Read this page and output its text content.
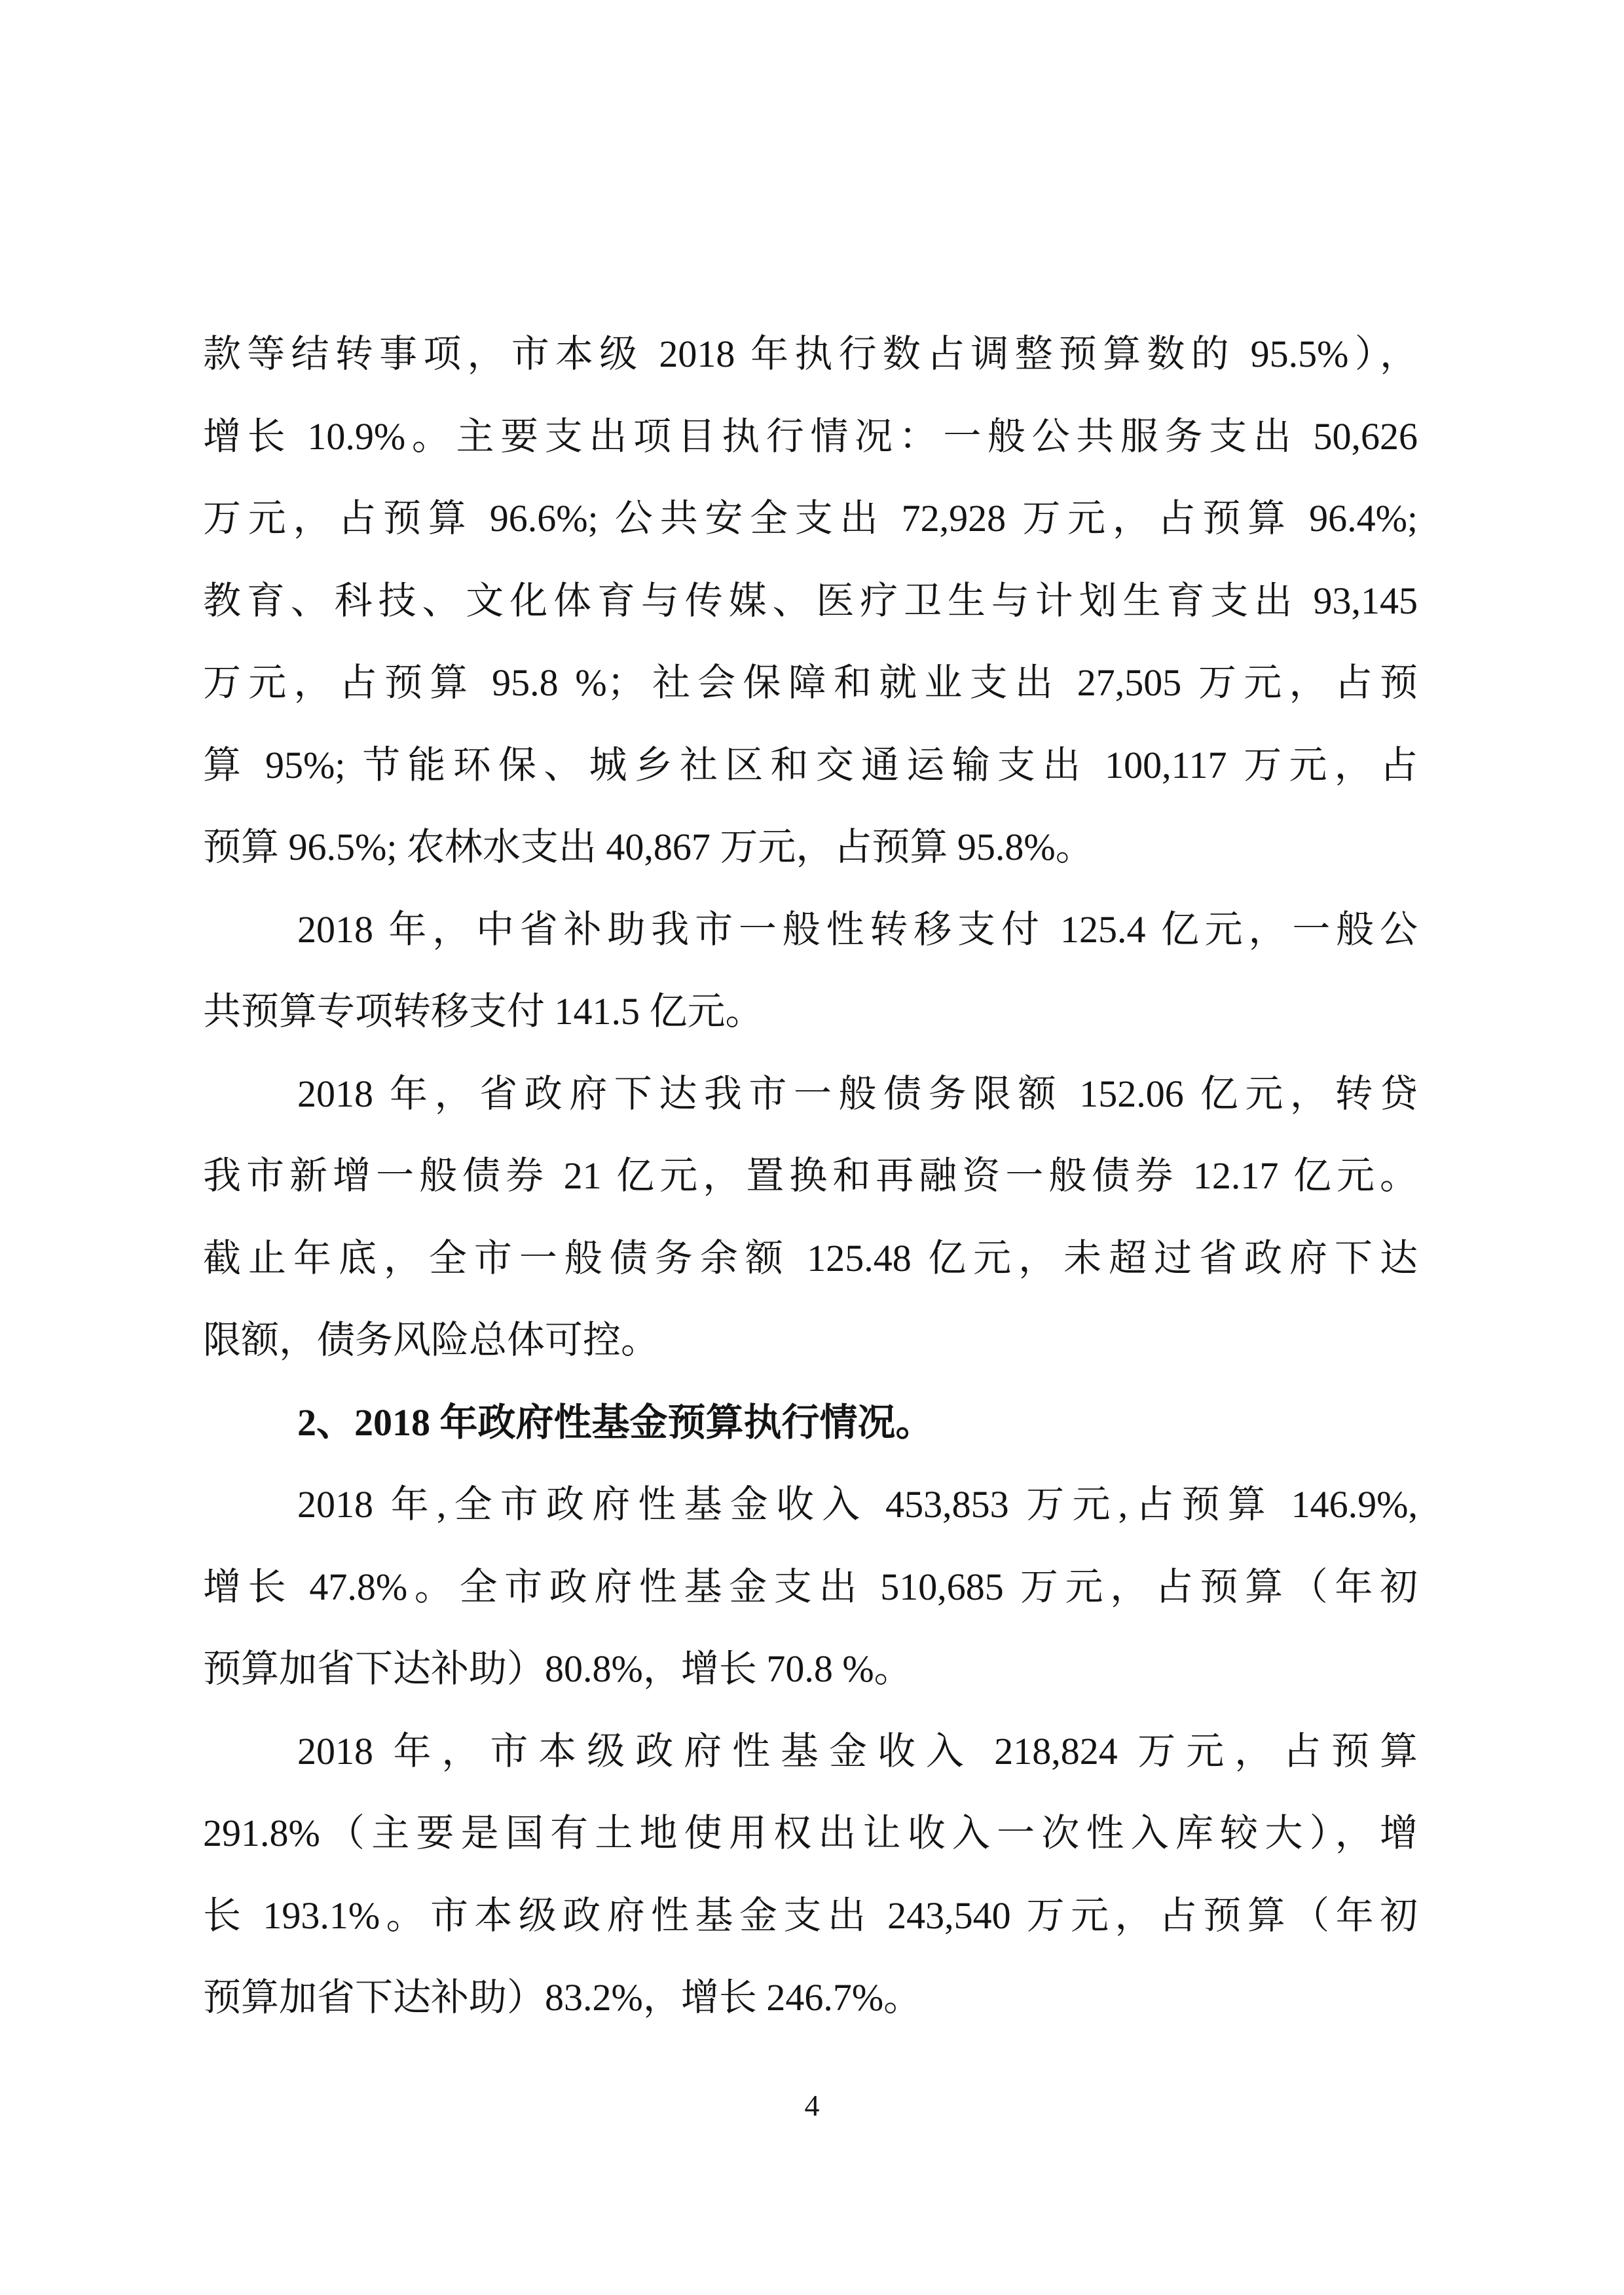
款等结转事项，市本级 2018 年执行数占调整预算数的 95.5%），
增长 10.9%。主要支出项目执行情况：一般公共服务支出 50,626
万元，占预算 96.6%; 公共安全支出 72,928 万元，占预算 96.4%;
教育、科技、文化体育与传媒、医疗卫生与计划生育支出 93,145
万元，占预算 95.8 %；社会保障和就业支出 27,505 万元，占预
算 95%; 节能环保、城乡社区和交通运输支出 100,117 万元，占
预算 96.5%; 农林水支出 40,867 万元，占预算 95.8%。
2018 年，中省补助我市一般性转移支付 125.4 亿元，一般公
共预算专项转移支付 141.5 亿元。
2018 年，省政府下达我市一般债务限额 152.06 亿元，转贷
我市新增一般债券 21 亿元，置换和再融资一般债券 12.17 亿元。
截止年底，全市一般债务余额 125.48 亿元，未超过省政府下达
限额，债务风险总体可控。
2、2018 年政府性基金预算执行情况。
2018 年,全市政府性基金收入 453,853 万元,占预算 146.9%,
增长 47.8%。全市政府性基金支出 510,685 万元，占预算（年初
预算加省下达补助）80.8%，增长 70.8 %。
2018 年，市本级政府性基金收入 218,824 万元，占预算
291.8%（主要是国有土地使用权出让收入一次性入库较大），增
长 193.1%。市本级政府性基金支出 243,540 万元，占预算（年初
预算加省下达补助）83.2%，增长 246.7%。
4
